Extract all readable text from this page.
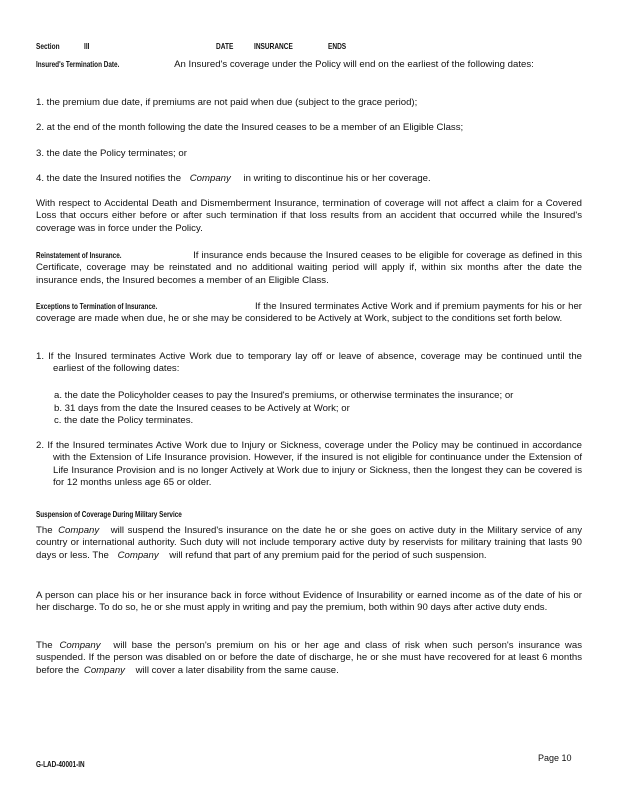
Section	III	DATE	INSURANCE	ENDS
Insured's Termination Date.	An Insured's coverage under the Policy will end on the earliest of the following dates:
1. the premium due date, if premiums are not paid when due (subject to the grace period);
2. at the end of the month following the date the Insured ceases to be a member of an Eligible Class;
3. the date the Policy terminates; or
4. the date the Insured notifies the Company in writing to discontinue his or her coverage.
With respect to Accidental Death and Dismemberment Insurance, termination of coverage will not affect a claim for a Covered Loss that occurs either before or after such termination if that loss results from an accident that occurred while the Insured's coverage was in force under the Policy.
Reinstatement of Insurance.	If insurance ends because the Insured ceases to be eligible for coverage as defined in this Certificate, coverage may be reinstated and no additional waiting period will apply if, within six months after the date the insurance ends, the Insured becomes a member of an Eligible Class.
Exceptions to Termination of Insurance.	If the Insured terminates Active Work and if premium payments for his or her coverage are made when due, he or she may be considered to be Actively at Work, subject to the conditions set forth below.
1. If the Insured terminates Active Work due to temporary lay off or leave of absence, coverage may be continued until the earliest of the following dates:
a. the date the Policyholder ceases to pay the Insured's premiums, or otherwise terminates the insurance; or
b. 31 days from the date the Insured ceases to be Actively at Work; or
c. the date the Policy terminates.
2. If the Insured terminates Active Work due to Injury or Sickness, coverage under the Policy may be continued in accordance with the Extension of Life Insurance provision. However, if the insured is not eligible for continuance under the Extension of Life Insurance Provision and is no longer Actively at Work due to injury or Sickness, then the longest they can be covered is for 12 months unless age 65 or older.
Suspension of Coverage During Military Service
The Company will suspend the Insured's insurance on the date he or she goes on active duty in the Military service of any country or international authority. Such duty will not include temporary active duty by reservists for military training that lasts 90 days or less. The Company will refund that part of any premium paid for the period of such suspension.
A person can place his or her insurance back in force without Evidence of Insurability or earned income as of the date of his or her discharge. To do so, he or she must apply in writing and pay the premium, both within 90 days after active duty ends.
The Company will base the person's premium on his or her age and class of risk when such person's insurance was suspended. If the person was disabled on or before the date of discharge, he or she must have recovered for at least 6 months before the Company will cover a later disability from the same cause.
G-LAD-40001-IN
Page 10
